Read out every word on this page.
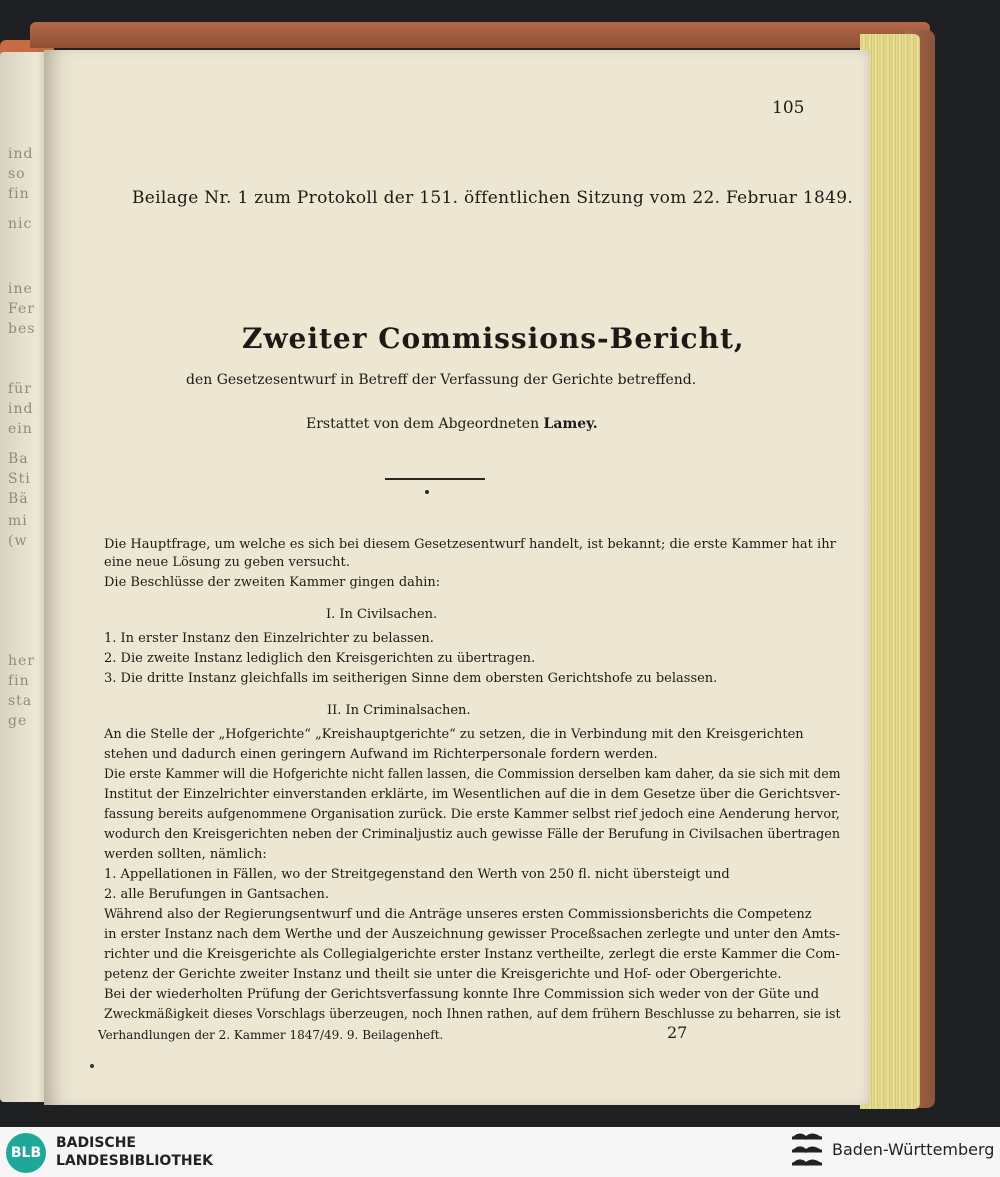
ind
so
fin
nic
ine
Fer
bes
für
ind
ein
Ba
Sti
Bä
mi
(w
her
fin
sta
ge
105
Beilage Nr. 1 zum Protokoll der 151. öffentlichen Sitzung vom 22. Februar 1849.
Zweiter Commissions-Bericht,
den Gesetzesentwurf in Betreff der Verfassung der Gerichte betreffend.
Erstattet von dem Abgeordneten Lamey.
Die Hauptfrage, um welche es sich bei diesem Gesetzesentwurf handelt, ist bekannt; die erste Kammer hat ihr
eine neue Lösung zu geben versucht.
Die Beschlüsse der zweiten Kammer gingen dahin:
I. In Civilsachen.
1. In erster Instanz den Einzelrichter zu belassen.
2. Die zweite Instanz lediglich den Kreisgerichten zu übertragen.
3. Die dritte Instanz gleichfalls im seitherigen Sinne dem obersten Gerichtshofe zu belassen.
II. In Criminalsachen.
An die Stelle der „Hofgerichte“ „Kreishauptgerichte“ zu setzen, die in Verbindung mit den Kreisgerichten
stehen und dadurch einen geringern Aufwand im Richterpersonale fordern werden.
Die erste Kammer will die Hofgerichte nicht fallen lassen, die Commission derselben kam daher, da sie sich mit dem
Institut der Einzelrichter einverstanden erklärte, im Wesentlichen auf die in dem Gesetze über die Gerichtsver-
fassung bereits aufgenommene Organisation zurück. Die erste Kammer selbst rief jedoch eine Aenderung hervor,
wodurch den Kreisgerichten neben der Criminaljustiz auch gewisse Fälle der Berufung in Civilsachen übertragen
werden sollten, nämlich:
1. Appellationen in Fällen, wo der Streitgegenstand den Werth von 250 fl. nicht übersteigt und
2. alle Berufungen in Gantsachen.
Während also der Regierungsentwurf und die Anträge unseres ersten Commissionsberichts die Competenz
in erster Instanz nach dem Werthe und der Auszeichnung gewisser Proceßsachen zerlegte und unter den Amts-
richter und die Kreisgerichte als Collegialgerichte erster Instanz vertheilte, zerlegt die erste Kammer die Com-
petenz der Gerichte zweiter Instanz und theilt sie unter die Kreisgerichte und Hof- oder Obergerichte.
Bei der wiederholten Prüfung der Gerichtsverfassung konnte Ihre Commission sich weder von der Güte und
Zweckmäßigkeit dieses Vorschlags überzeugen, noch Ihnen rathen, auf dem frühern Beschlusse zu beharren, sie ist
Verhandlungen der 2. Kammer 1847/49. 9. Beilagenheft.	27
BLB
BADISCHE
LANDESBIBLIOTHEK
Baden-Württemberg
